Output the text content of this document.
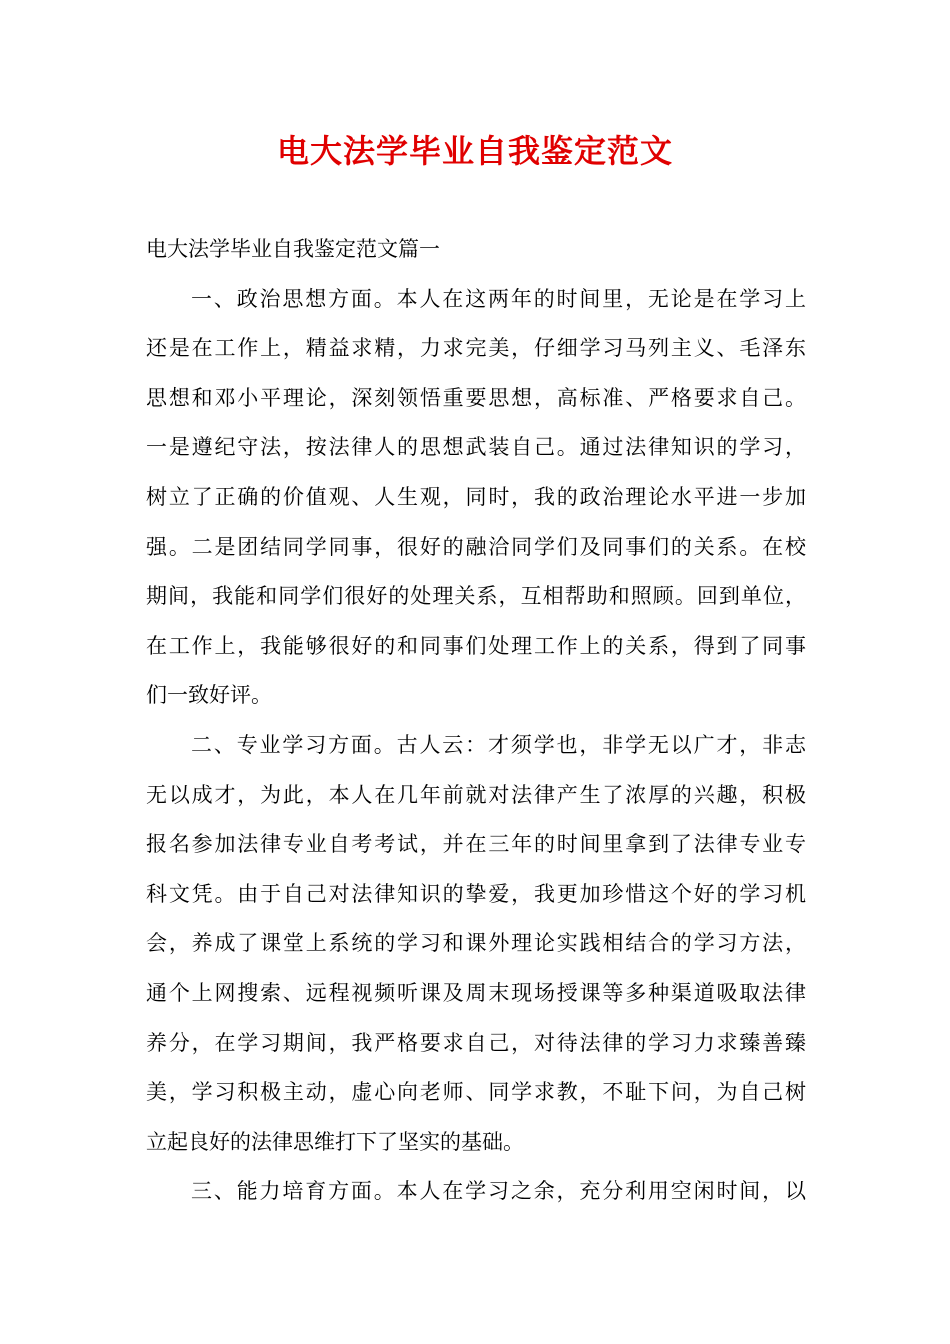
电大法学毕业自我鉴定范文
电大法学毕业自我鉴定范文篇一
一、政治思想方面。本人在这两年的时间里，无论是在学习上
还是在工作上，精益求精，力求完美，仔细学习马列主义、毛泽东
思想和邓小平理论，深刻领悟重要思想，高标准、严格要求自己。
一是遵纪守法，按法律人的思想武装自己。通过法律知识的学习，
树立了正确的价值观、人生观，同时，我的政治理论水平进一步加
强。二是团结同学同事，很好的融洽同学们及同事们的关系。在校
期间，我能和同学们很好的处理关系，互相帮助和照顾。回到单位，
在工作上，我能够很好的和同事们处理工作上的关系，得到了同事
们一致好评。
二、专业学习方面。古人云：才须学也，非学无以广才，非志
无以成才，为此，本人在几年前就对法律产生了浓厚的兴趣，积极
报名参加法律专业自考考试，并在三年的时间里拿到了法律专业专
科文凭。由于自己对法律知识的挚爱，我更加珍惜这个好的学习机
会，养成了课堂上系统的学习和课外理论实践相结合的学习方法，
通个上网搜索、远程视频听课及周末现场授课等多种渠道吸取法律
养分，在学习期间，我严格要求自己，对待法律的学习力求臻善臻
美，学习积极主动，虚心向老师、同学求教，不耻下问，为自己树
立起良好的法律思维打下了坚实的基础。
三、能力培育方面。本人在学习之余，充分利用空闲时间，以
